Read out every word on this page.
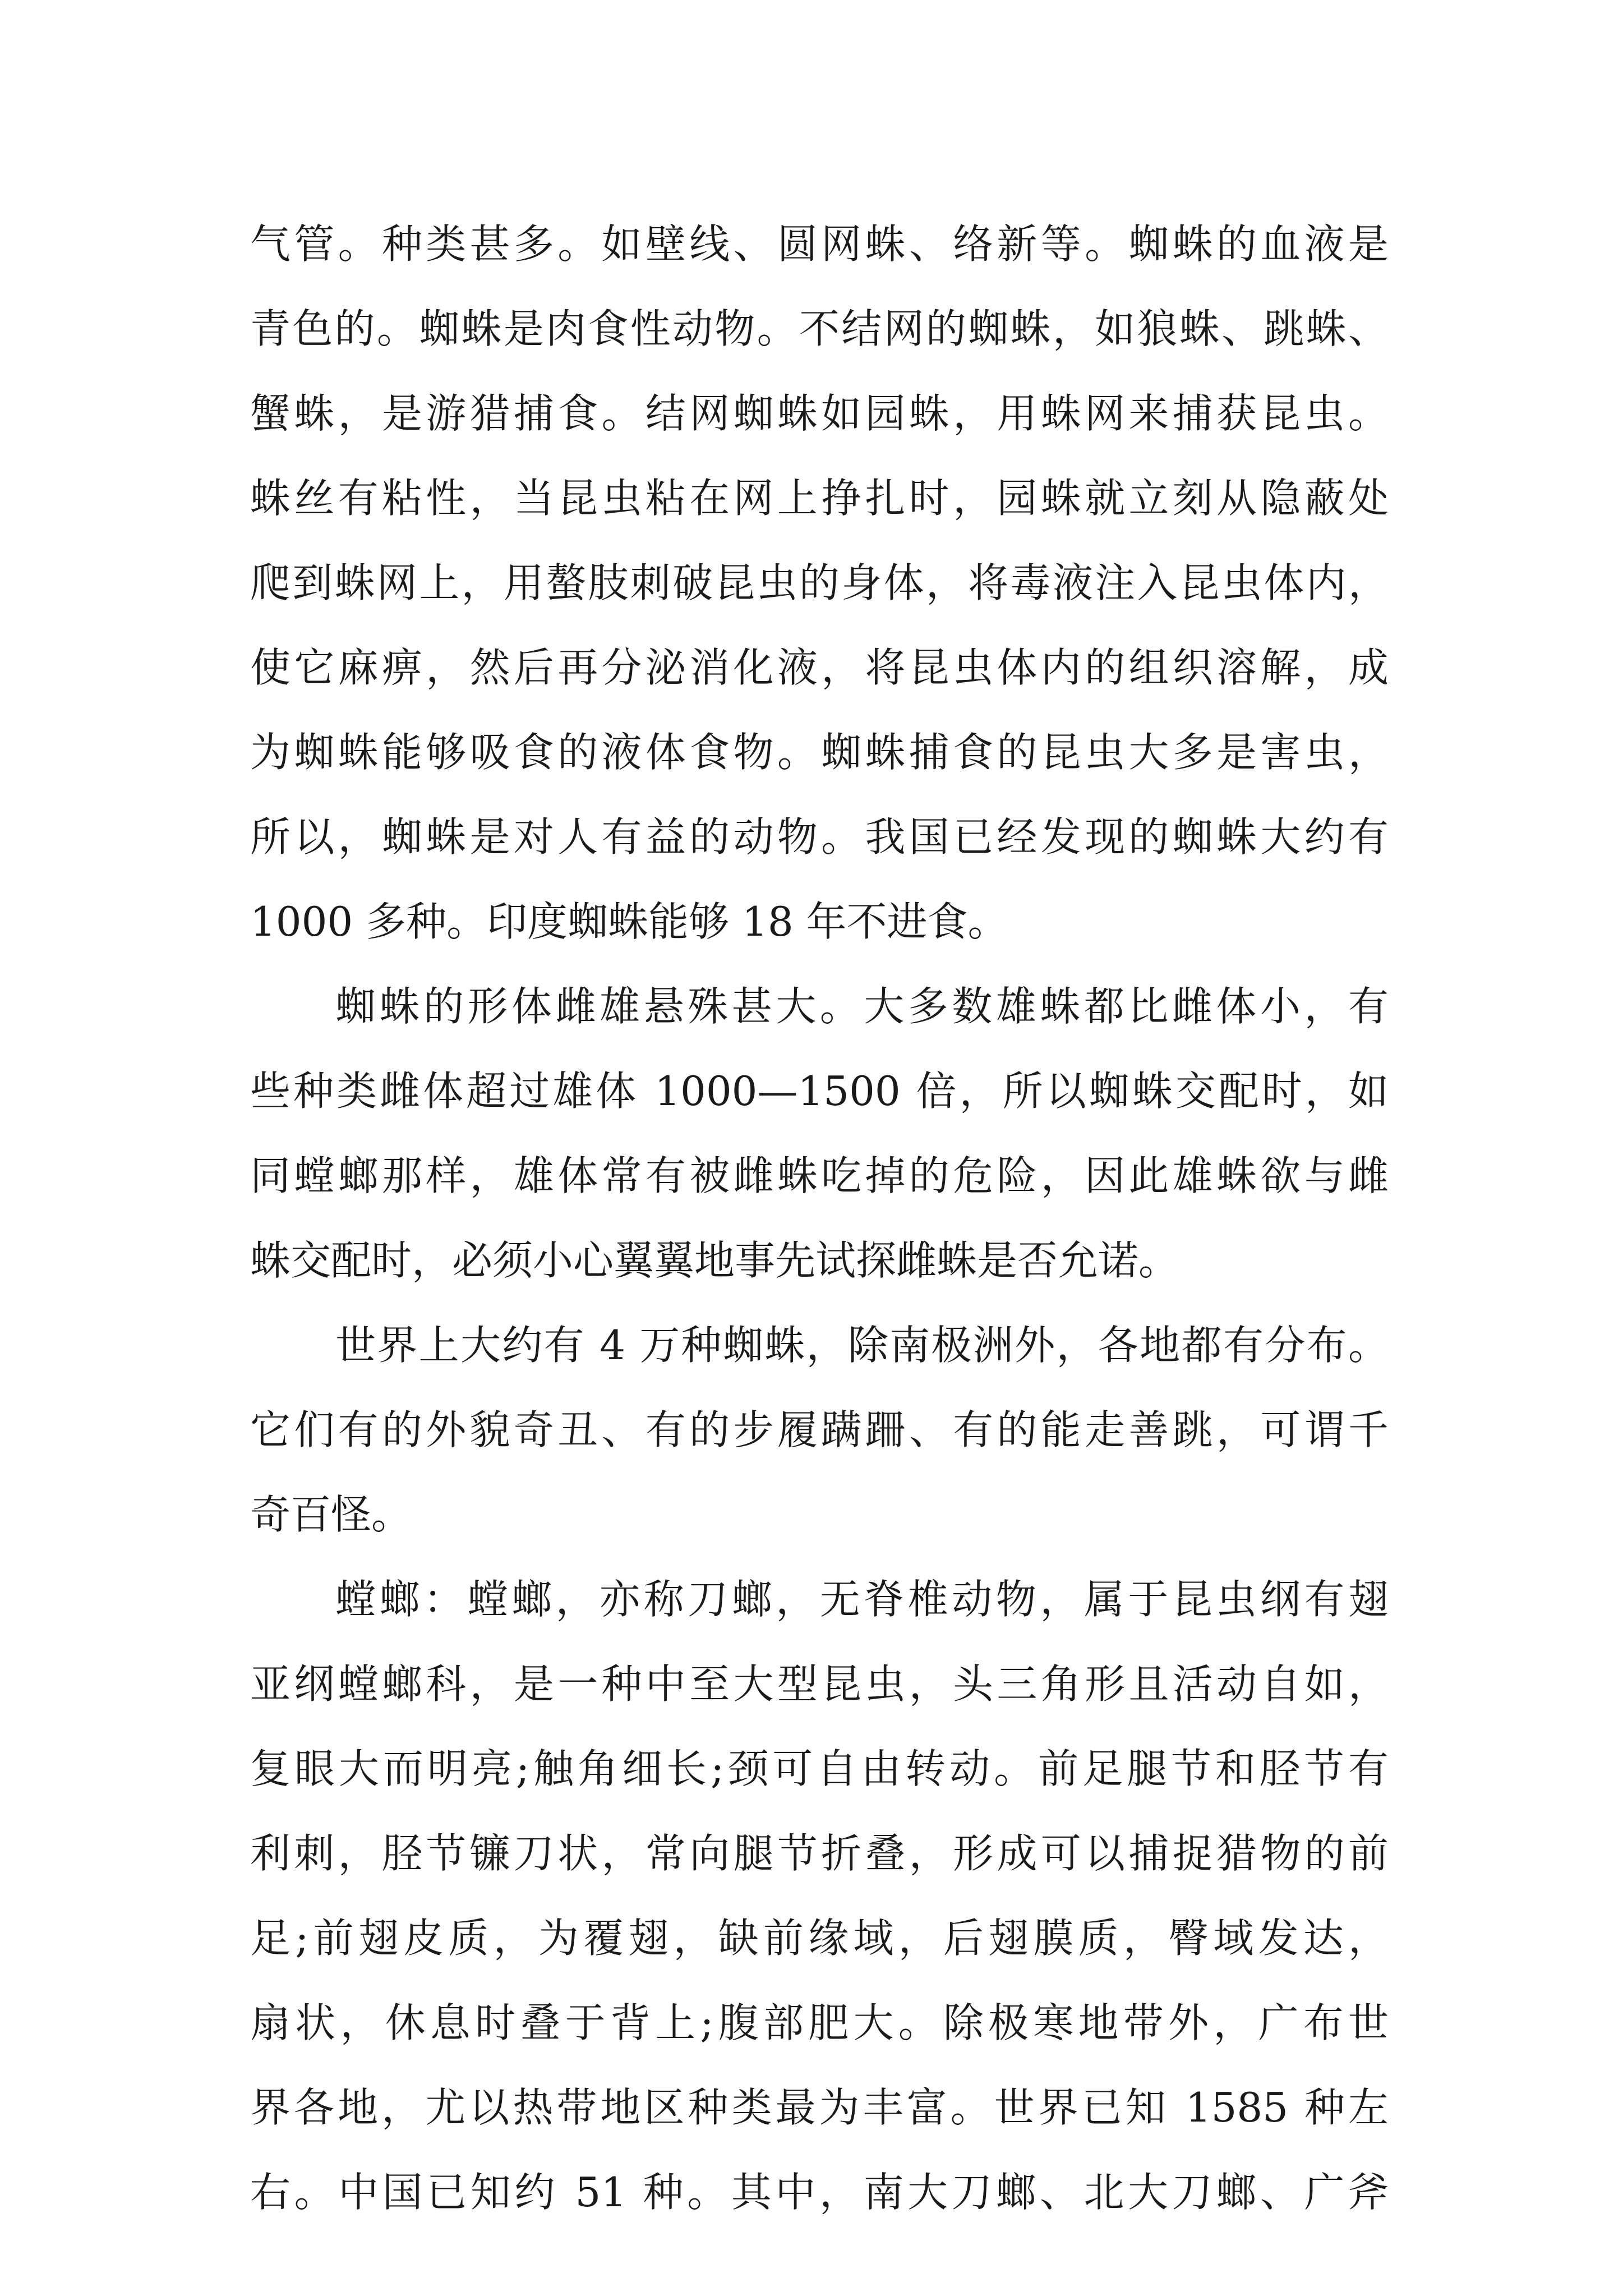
气管。种类甚多。如壁线、圆网蛛、络新等。蜘蛛的血液是
青色的。蜘蛛是肉食性动物。不结网的蜘蛛，如狼蛛、跳蛛、
蟹蛛，是游猎捕食。结网蜘蛛如园蛛，用蛛网来捕获昆虫。
蛛丝有粘性，当昆虫粘在网上挣扎时，园蛛就立刻从隐蔽处
爬到蛛网上，用螯肢刺破昆虫的身体，将毒液注入昆虫体内，
使它麻痹，然后再分泌消化液，将昆虫体内的组织溶解，成
为蜘蛛能够吸食的液体食物。蜘蛛捕食的昆虫大多是害虫，
所以，蜘蛛是对人有益的动物。我国已经发现的蜘蛛大约有
1000 多种。印度蜘蛛能够 18 年不进食。
蜘蛛的形体雌雄悬殊甚大。大多数雄蛛都比雌体小，有
些种类雌体超过雄体 1000—1500 倍，所以蜘蛛交配时，如
同螳螂那样，雄体常有被雌蛛吃掉的危险，因此雄蛛欲与雌
蛛交配时，必须小心翼翼地事先试探雌蛛是否允诺。
世界上大约有 4 万种蜘蛛，除南极洲外，各地都有分布。
它们有的外貌奇丑、有的步履蹒跚、有的能走善跳，可谓千
奇百怪。
螳螂：螳螂，亦称刀螂，无脊椎动物，属于昆虫纲有翅
亚纲螳螂科，是一种中至大型昆虫，头三角形且活动自如，
复眼大而明亮;触角细长;颈可自由转动。前足腿节和胫节有
利刺，胫节镰刀状，常向腿节折叠，形成可以捕捉猎物的前
足;前翅皮质，为覆翅，缺前缘域，后翅膜质，臀域发达，
扇状，休息时叠于背上;腹部肥大。除极寒地带外，广布世
界各地，尤以热带地区种类最为丰富。世界已知 1585 种左
右。中国已知约 51 种。其中，南大刀螂、北大刀螂、广斧
